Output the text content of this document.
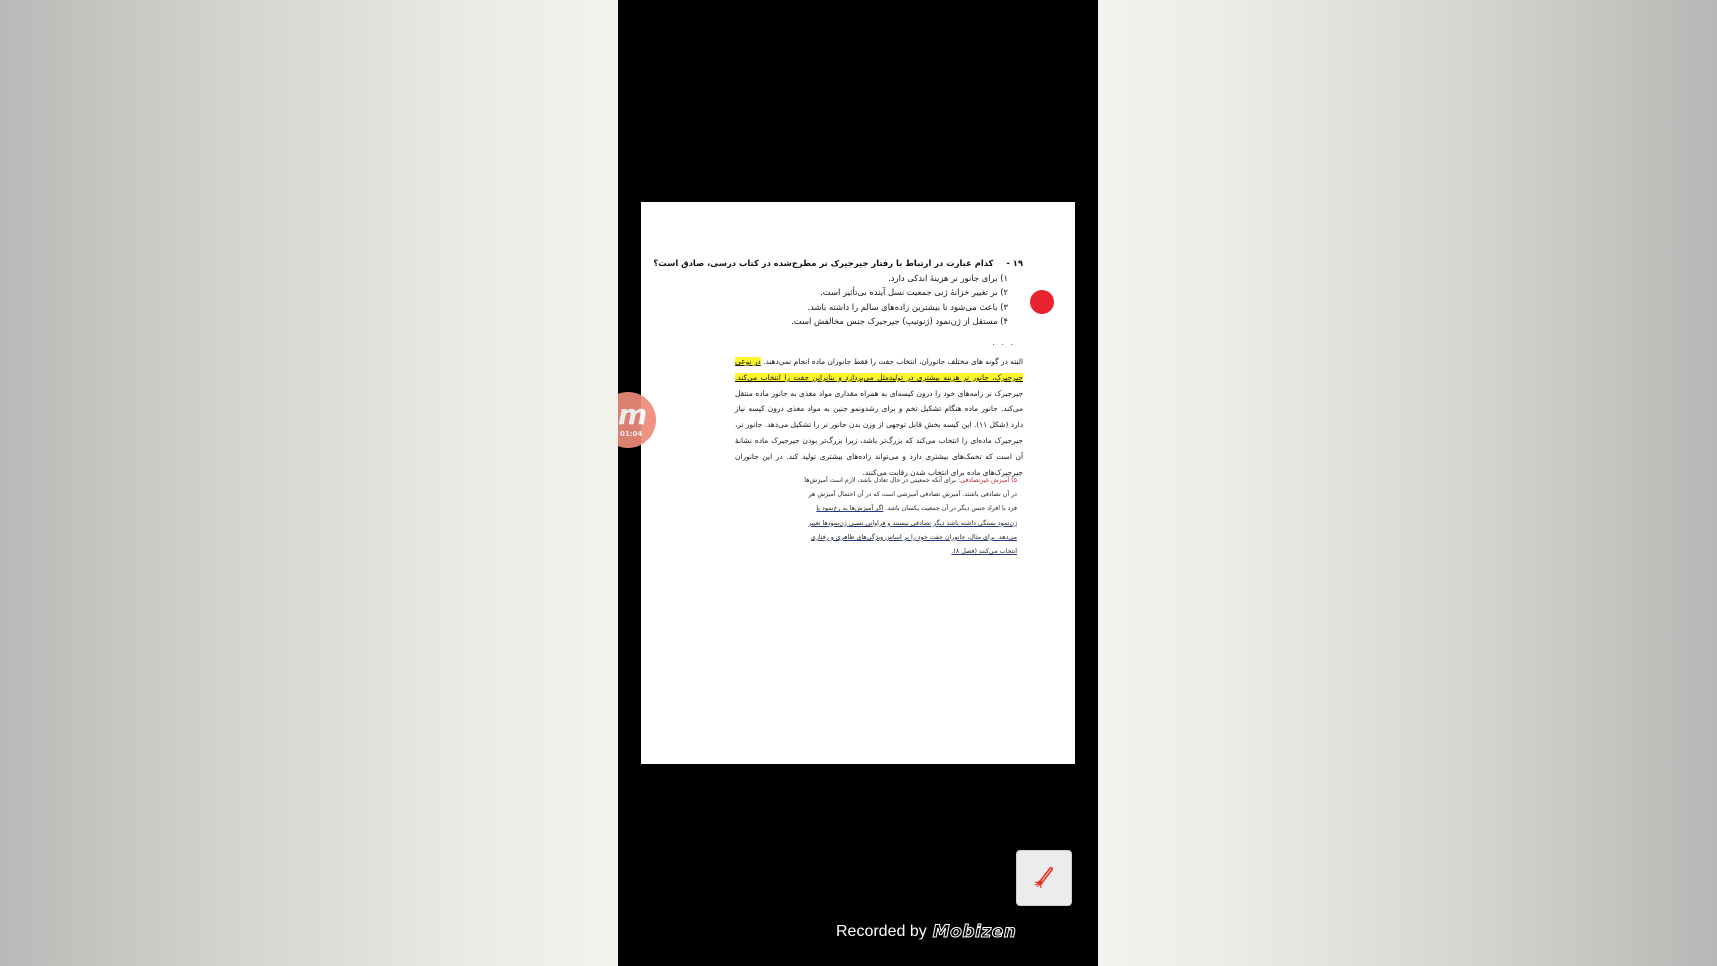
۱۹ - کدام عبارت در ارتباط با رفتار جیرجیرک نر مطرح‌شده در کتاب درسی، صادق است؟
۱) برای جانور نر هزینهٔ اندکی دارد.
۲) بر تغییر خزانهٔ ژنی جمعیت نسل آینده بی‌تأثیر است.
۳) باعث می‌شود تا بیشترین زاده‌های سالم را داشته باشد.
۴) مستقل از ژن‌نمود (ژنوتیپ) جیرجیرک جنس مخالفش است.
. . .
البته در گونه های مختلف جانوران، انتخاب جفت را فقط جانوران ماده انجام نمی‌دهند. در نوعی جیرجیرک، جانور نر هزینه بیشتری در تولیدمثل می‌پردازد و بنابراین جفت را انتخاب می‌کند. جیرجیرک نر زامه‌های خود را درون کیسه‌ای به همراه مقداری مواد مغذی به جانور ماده منتقل می‌کند. جانور ماده هنگام تشکیل تخم و برای رشدونمو جنین به مواد مغذی درون کیسه نیاز دارد (شکل ۱۱). این کیسه بخش قابل توجهی از وزن بدن جانور نر را تشکیل می‌دهد. جانور نر، جیرجیرک ماده‌ای را انتخاب می‌کند که بزرگ‌تر باشد، زیرا بزرگ‌تر بودن جیرجیرک ماده نشانهٔ آن است که تخمک‌های بیشتری دارد و می‌تواند زاده‌های بیشتری تولید کند. در این جانوران جیرجیرک‌های ماده برای انتخاب شدن رقابت می‌کنند.
۵) آمیزش غیرتصادفی: برای آنکه جمعیتی در حال تعادل باشد، لازم است آمیزش‌ها در آن تصادفی باشند. آمیزش تصادفی آمیزشی است که در آن احتمال آمیزش هر فرد با افراد جنس دیگر در آن جمعیت یکسان باشد. اگر آمیزش‌ها به رخ‌نمود یا ژن‌نمود بستگی داشته باشد دیگر تصادفی نیستند و فراوانی نسبی ژن‌نمودها تغییر می‌دهد. برای مثال، جانوران جفت خود را بر اساس ویژگی‌های ظاهری و رفتاری انتخاب می‌کنند (فصل ۸).
m
01:04
Recorded by Mobizen
